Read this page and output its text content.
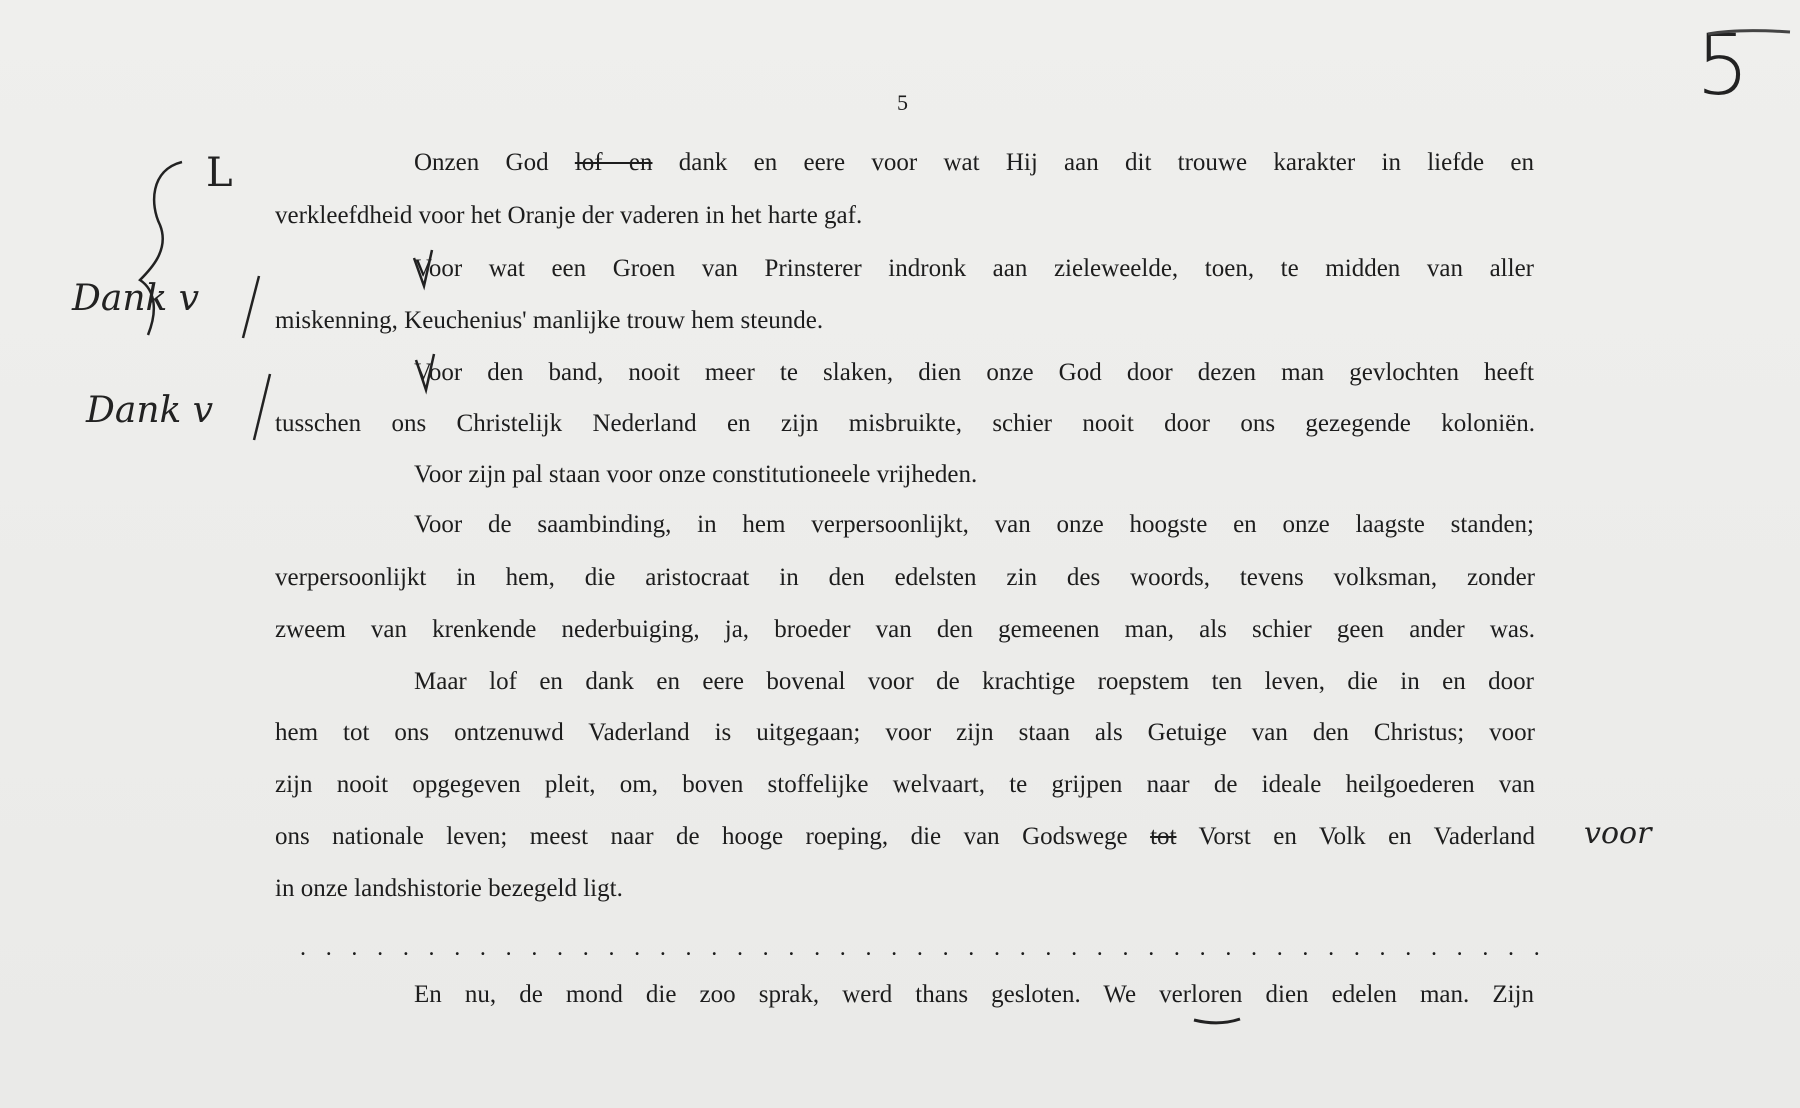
5
Onzen God lof en dank en eere voor wat Hij aan dit trouwe karakter in liefde en
verkleefdheid voor het Oranje der vaderen in het harte gaf.
Voor wat een Groen van Prinsterer indronk aan zieleweelde, toen, te midden van aller
miskenning, Keuchenius' manlijke trouw hem steunde.
Voor den band, nooit meer te slaken, dien onze God door dezen man gevlochten heeft
tusschen ons Christelijk Nederland en zijn misbruikte, schier nooit door ons gezegende koloniën.
Voor zijn pal staan voor onze constitutioneele vrijheden.
Voor de saambinding, in hem verpersoonlijkt, van onze hoogste en onze laagste standen;
verpersoonlijkt in hem, die aristocraat in den edelsten zin des woords, tevens volksman, zonder
zweem van krenkende nederbuiging, ja, broeder van den gemeenen man, als schier geen ander was.
Maar lof en dank en eere bovenal voor de krachtige roepstem ten leven, die in en door
hem tot ons ontzenuwd Vaderland is uitgegaan; voor zijn staan als Getuige van den Christus; voor
zijn nooit opgegeven pleit, om, boven stoffelijke welvaart, te grijpen naar de ideale heilgoederen van
ons nationale leven; meest naar de hooge roeping, die van Godswege tot Vorst en Volk en Vaderland
in onze landshistorie bezegeld ligt.
. . . . . . . . . . . . . . . . . . . . . . . . . . . . . . . . . . . . . . . . . . . . . . . . .
En nu, de mond die zoo sprak, werd thans gesloten. We verloren dien edelen man. Zijn
L
Dank v
Dank v
voor
5
